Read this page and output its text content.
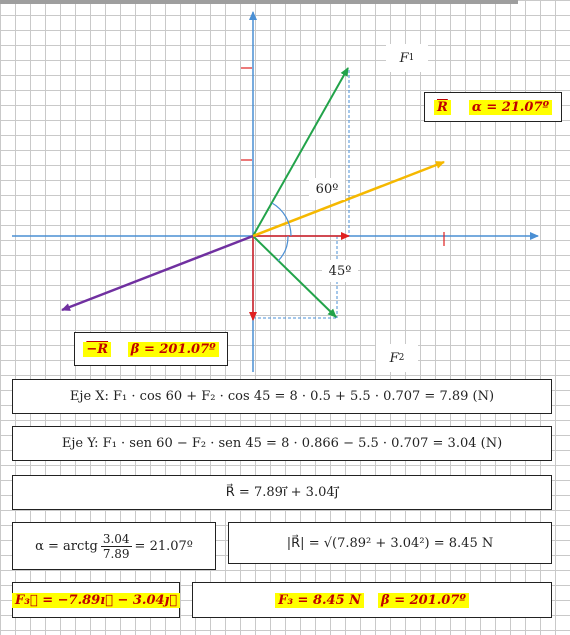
F 1
F 2
60º
45º
$\overline{R}$ α = 21.07º
−R β = 201.07º
Eje X: F₁ · cos 60 + F₂ · cos 45 = 8 · 0.5 + 5.5 · 0.707 = 7.89 (N)
Eje Y: F₁ · sen 60 − F₂ · sen 45 = 8 · 0.866 − 5.5 · 0.707 = 3.04 (N)
R⃗ = 7.89ı⃗ + 3.04ȷ⃗
α = arctg $\frac{3.04}{7.89}$ = 21.07º	|R⃗| = √(7.89² + 3.04²) = 8.45 N
F₃⃗ = −7.89ı⃗ − 3.04ȷ⃗	F₃ = 8.45 N β = 201.07º
